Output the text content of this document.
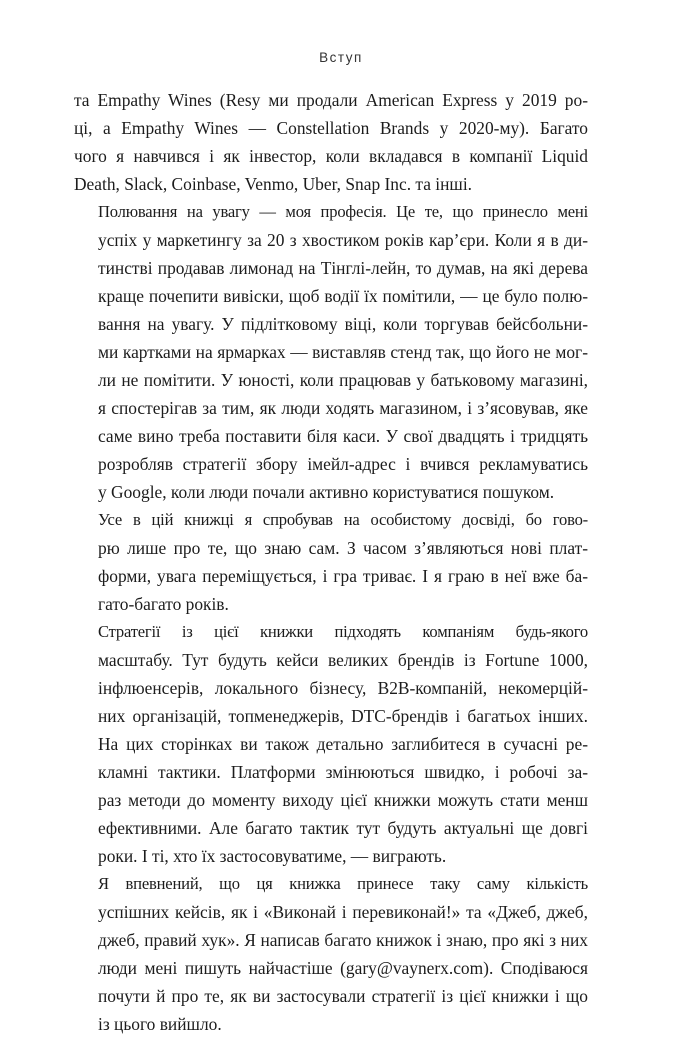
Вступ

та Empathy Wines (Resy ми продали American Express у 2019 ро-
ці, а Empathy Wines — Constellation Brands у 2020-му). Багато
чого я навчився і як інвестор, коли вкладався в компанії Liquid
Death, Slack, Coinbase, Venmo, Uber, Snap Inc. та інші.

Полювання на увагу — моя професія. Це те, що принесло мені
успіх у маркетингу за 20 з хвостиком років кар’єри. Коли я в ди-
тинстві продавав лимонад на Тінглі-лейн, то думав, на які дерева
краще почепити вивіски, щоб водії їх помітили, — це було полю-
вання на увагу. У підлітковому віці, коли торгував бейсбольни-
ми картками на ярмарках — виставляв стенд так, що його не мог-
ли не помітити. У юності, коли працював у батьковому магазині,
я спостерігав за тим, як люди ходять магазином, і з’ясовував, яке
саме вино треба поставити біля каси. У свої двадцять і тридцять
розробляв стратегії збору імейл-адрес і вчився рекламуватись
у Google, коли люди почали активно користуватися пошуком.

Усе в цій книжці я спробував на особистому досвіді, бо гово-
рю лише про те, що знаю сам. З часом з’являються нові плат-
форми, увага переміщується, і гра триває. І я граю в неї вже ба-
гато-багато років.

Стратегії із цієї книжки підходять компаніям будь-якого
масштабу. Тут будуть кейси великих брендів із Fortune 1000,
інфлюенсерів, локального бізнесу, B2B-компаній, некомерцій-
них організацій, топменеджерів, DTC-брендів і багатьох інших.
На цих сторінках ви також детально заглибитеся в сучасні ре-
кламні тактики. Платформи змінюються швидко, і робочі за-
раз методи до моменту виходу цієї книжки можуть стати менш
ефективними. Але багато тактик тут будуть актуальні ще довгі
роки. І ті, хто їх застосовуватиме, — виграють.

Я впевнений, що ця книжка принесе таку саму кількість
успішних кейсів, як і «Виконай і перевиконай!» та «Джеб, джеб,
джеб, правий хук». Я написав багато книжок і знаю, про які з них
люди мені пишуть найчастіше (gary@vaynerx.com). Сподіваюся
почути й про те, як ви застосували стратегії із цієї книжки і що
із цього вийшло.
